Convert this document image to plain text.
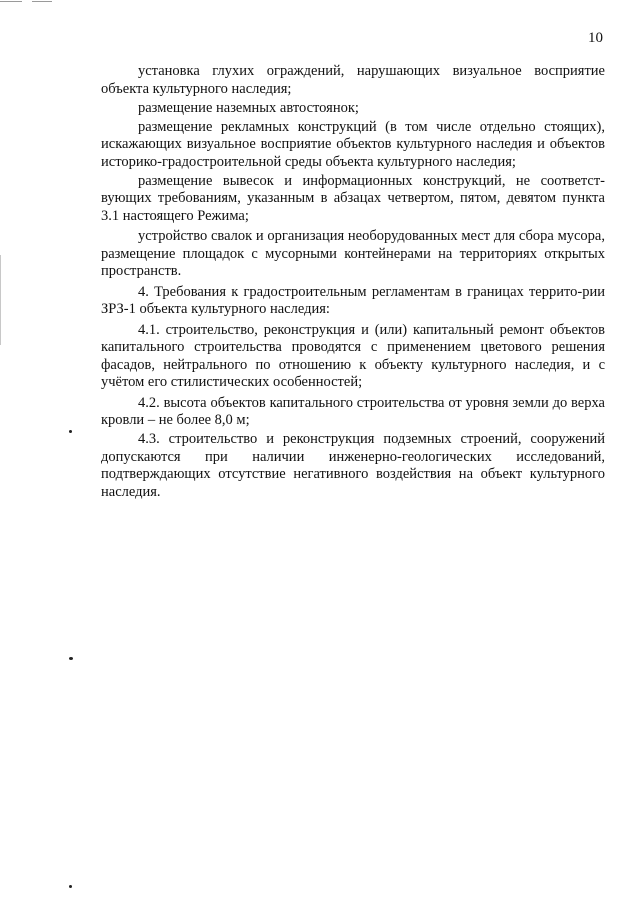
10

установка глухих ограждений, нарушающих визуальное восприятие объекта культурного наследия;

размещение наземных автостоянок;

размещение рекламных конструкций (в том числе отдельно стоящих), искажающих визуальное восприятие объектов культурного наследия и объектов историко-градостроительной среды объекта культурного наследия;

размещение вывесок и информационных конструкций, не соответст-вующих требованиям, указанным в абзацах четвертом, пятом, девятом пункта 3.1 настоящего Режима;

устройство свалок и организация необорудованных мест для сбора мусора, размещение площадок с мусорными контейнерами на территориях открытых пространств.

4. Требования к градостроительным регламентам в границах террито-рии ЗРЗ-1 объекта культурного наследия:

4.1. строительство, реконструкция и (или) капитальный ремонт объектов капитального строительства проводятся с применением цветового решения фасадов, нейтрального по отношению к объекту культурного наследия, и с учётом его стилистических особенностей;

4.2. высота объектов капитального строительства от уровня земли до верха кровли – не более 8,0 м;

4.3. строительство и реконструкция подземных строений, сооружений допускаются при наличии инженерно-геологических исследований, подтверждающих отсутствие негативного воздействия на объект культурного наследия.
